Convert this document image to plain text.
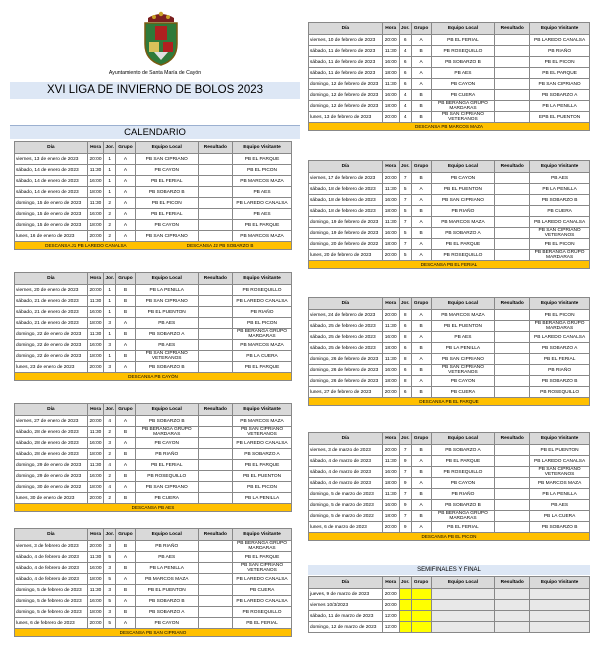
Ayuntamiento de Santa María de Cayón
XVI LIGA DE INVIERNO DE BOLOS 2023
CALENDARIO
Día	Hora	Jor.	Grupo	Equipo Local	Resultado	Equipo Visitante
viernes, 13 de enero de 2023	20:00	1	A	PB SAN CIPRIANO		PB EL PARQUE
sábado, 14 de enero de 2023	11:30	1	A	PB CAYON		PB EL PICON
sábado, 14 de enero de 2023	16:00	1	A	PB EL FERIAL		PB MARCOS MAZA
sábado, 14 de enero de 2023	18:00	1	A	PB SOBARZO B		PB AES
domingo, 15 de enero de 2023	11:30	2	A	PB EL PICON		PB LAREDO CANALSA
domingo, 15 de enero de 2023	16:00	2	A	PB EL FERIAL		PB AES
domingo, 15 de enero de 2023	18:00	2	A	PB CAYON		PB EL PARQUE
lunes, 16 de enero de 2023	20:00	2	A	PB SAN CIPRIANO		PB MARCOS MAZA
DESCANSA J1 PB LAREDO CANALSA DESCANSA J2 PB SOBARZO B						
Día	Hora	Jor.	Grupo	Equipo Local	Resultado	Equipo Visitante
viernes, 20 de enero de 2023	20:00	1	B	PB LA PENILLA		PB ROSEQUILLO
sábado, 21 de enero de 2023	11:30	1	B	PB SAN CIPRIANO		PB LAREDO CANALSA
sábado, 21 de enero de 2023	16:00	1	B	PB EL PUENTON		PB RIAÑO
sábado, 21 de enero de 2023	18:00	3	A	PB AES		PB EL PICON
domingo, 22 de enero de 2023	11:30	1	B	PB SOBARZO A		PB BERANGA GRUPO MARDARAS
domingo, 22 de enero de 2023	16:00	3	A	PB AES		PB MARCOS MAZA
domingo, 22 de enero de 2023	18:00	1	B	PB SAN CIPRIANO VETERANOS		PB LA CUERA
lunes, 23 de enero de 2023	20:00	3	A	PB SOBARZO B		PB EL PARQUE
DESCANSA PB CAYÓN						
Día	Hora	Jor.	Grupo	Equipo Local	Resultado	Equipo Visitante
viernes, 27 de enero de 2023	20:00	4	A	PB SOBARZO B		PB MARCOS MAZA
sábado, 28 de enero de 2023	11:30	2	B	PB BERANGA GRUPO MARDARAS		PB SAN CIPRIANO VETERANOS
sábado, 28 de enero de 2023	16:00	3	A	PB CAYON		PB LAREDO CANALSA
sábado, 28 de enero de 2023	18:00	2	B	PB RIAÑO		PB SOBARZO A
domingo, 29 de enero de 2023	11:30	4	A	PB EL FERIAL		PB EL PARQUE
domingo, 29 de enero de 2023	16:00	2	B	PB ROSEQUILLO		PB EL PUENTON
domingo, 30 de enero de 2022	18:00	4	A	PB SAN CIPRIANO		PB EL PICON
lunes, 30 de enero de 2023	20:00	2	B	PB CUERA		PB LA PENILLA
DESCANSA PB AES						
Día	Hora	Jor.	Grupo	Equipo Local	Resultado	Equipo Visitante
viernes, 3 de febrero de 2023	20:00	3	B	PB RIAÑO		PB BERANGA GRUPO MARDARAS
sábado, 4 de febrero de 2023	11:30	5	A	PB AES		PB EL PARQUE
sábado, 4 de febrero de 2023	16:00	3	B	PB LA PENILLA		PB SAN CIPRIANO VETERANOS
sábado, 4 de febrero de 2023	18:00	5	A	PB MARCOS MAZA		PB LAREDO CANALSA
domingo, 5 de febrero de 2023	11:30	3	B	PB EL PUENTON		PB CUERA
domingo, 5 de febrero de 2023	16:00	5	A	PB SOBARZO B		PB LAREDO CANALSA
domingo, 5 de febrero de 2023	18:00	3	B	PB SOBARZO A		PB ROSEQUILLO
lunes, 6 de febrero de 2023	20:00	5	A	PB CAYON		PB EL FERIAL
DESCANSA PB SAN CIPRIANO						
Día	Hora	Jor.	Grupo	Equipo Local	Resultado	Equipo Visitante
viernes, 10 de febrero de 2023	20:00	6	A	PB EL FERIAL		PB LAREDO CANALSA
sábado, 11 de febrero de 2023	11:30	4	B	PB ROSEQUILLO		PB RIAÑO
sábado, 11 de febrero de 2023	16:00	6	A	PB SOBARZO B		PB EL PICON
sábado, 11 de febrero de 2023	18:00	6	A	PB AES		PB EL PARQUE
domingo, 12 de febrero de 2023	11:30	6	A	PB CAYON		PB SAN CIPRIANO
domingo, 12 de febrero de 2023	16:00	4	B	PB CUERA		PB SOBARZO A
domingo, 12 de febrero de 2023	18:00	4	B	PB BERANGA GRUPO MARDARAS		PB LA PENILLA
lunes, 13 de febrero de 2023	20:00	4	B	PB SAN CIPRIANO VETERANOS		EPB EL PUENTON
DESCANSA PB MARCOS MAZA						
Día	Hora	Jor.	Grupo	Equipo Local	Resultado	Equipo Visitante
viernes, 17 de febrero de 2023	20:00	7	B	PB CAYON		PB AES
sábado, 18 de febrero de 2023	11:30	5	A	PB EL PUENTON		PB LA PENILLA
sábado, 18 de febrero de 2023	16:00	7	A	PB SAN CIPRIANO		PB SOBARZO B
sábado, 18 de febrero de 2023	18:00	5	B	PB RIAÑO		PB CUERA
domingo, 19 de febrero de 2023	11:30	7	A	PB MARCOS MAZA		PB LAREDO CANALSA
domingo, 19 de febrero de 2023	16:00	5	B	PB SOBARZO A		PB SAN CIPRIANO VETERANOS
domingo, 20 de febrero de 2022	18:00	7	A	PB EL PARQUE		PB EL PICON
lunes, 20 de febrero de 2023	20:00	5	A	PB ROSEQUILLO		PB BERANGA GRUPO MARDARAS
DESCANSA PB EL FERIAL						
Día	Hora	Jor.	Grupo	Equipo Local	Resultado	Equipo Visitante
viernes, 24 de febrero de 2023	20:00	8	A	PB MARCOS MAZA		PB EL PICON
sábado, 25 de febrero de 2023	11:30	6	B	PB EL PUENTON		PB BERANGA GRUPO MARDARAS
sábado, 25 de febrero de 2023	16:00	8	A	PB AES		PB LAREDO CANALSA
sábado, 25 de febrero de 2023	18:00	6	B	PB LA PENILLA		PB SOBARZO A
domingo, 26 de febrero de 2023	11:30	8	A	PB SAN CIPRIANO		PB EL FERIAL
domingo, 26 de febrero de 2023	16:00	6	B	PB SAN CIPRIANO VETERANOS		PB RIAÑO
domingo, 26 de febrero de 2023	18:00	8	A	PB CAYON		PB SOBARZO B
lunes, 27 de febrero de 2023	20:00	6	B	PB CUERA		PB ROSEQUILLO
DESCANSA PB EL PARQUE						
Día	Hora	Jor.	Grupo	Equipo Local	Resultado	Equipo Visitante
viernes, 3 de marzo de 2023	20:00	7	B	PB SOBARZO A		PB EL PUENTON
sábado, 4 de marzo de 2023	11:30	9	A	PB EL PARQUE		PB LAREDO CANALSA
sábado, 4 de marzo de 2023	16:00	7	B	PB ROSEQUILLO		PB SAN CIPRIANO VETERANOS
sábado, 4 de marzo de 2023	18:00	9	A	PB CAYON		PB MARCOS MAZA
domingo, 5 de marzo de 2023	11:30	7	B	PB RIAÑO		PB LA PENILLA
domingo, 5 de marzo de 2023	16:00	9	A	PB SOBARZO B		PB AES
domingo, 5 de marzo de 2022	18:00	7	B	PB BERANGA GRUPO MARDARAS		PB LA CUERA
lunes, 6 de marzo de 2023	20:00	9	A	PB EL FERIAL		PB SOBARZO B
DESCANSA PB EL PICON						
SEMIFINALES Y FINAL
Día	Hora	Jor.	Grupo	Equipo Local	Resultado	Equipo Visitante
jueves, 9 de marzo de 2023	20:00					
viernes 10/3/2023	20:00					
sábado, 11 de marzo de 2023	12:00					
domingo, 12 de marzo de 2023	12:00					
